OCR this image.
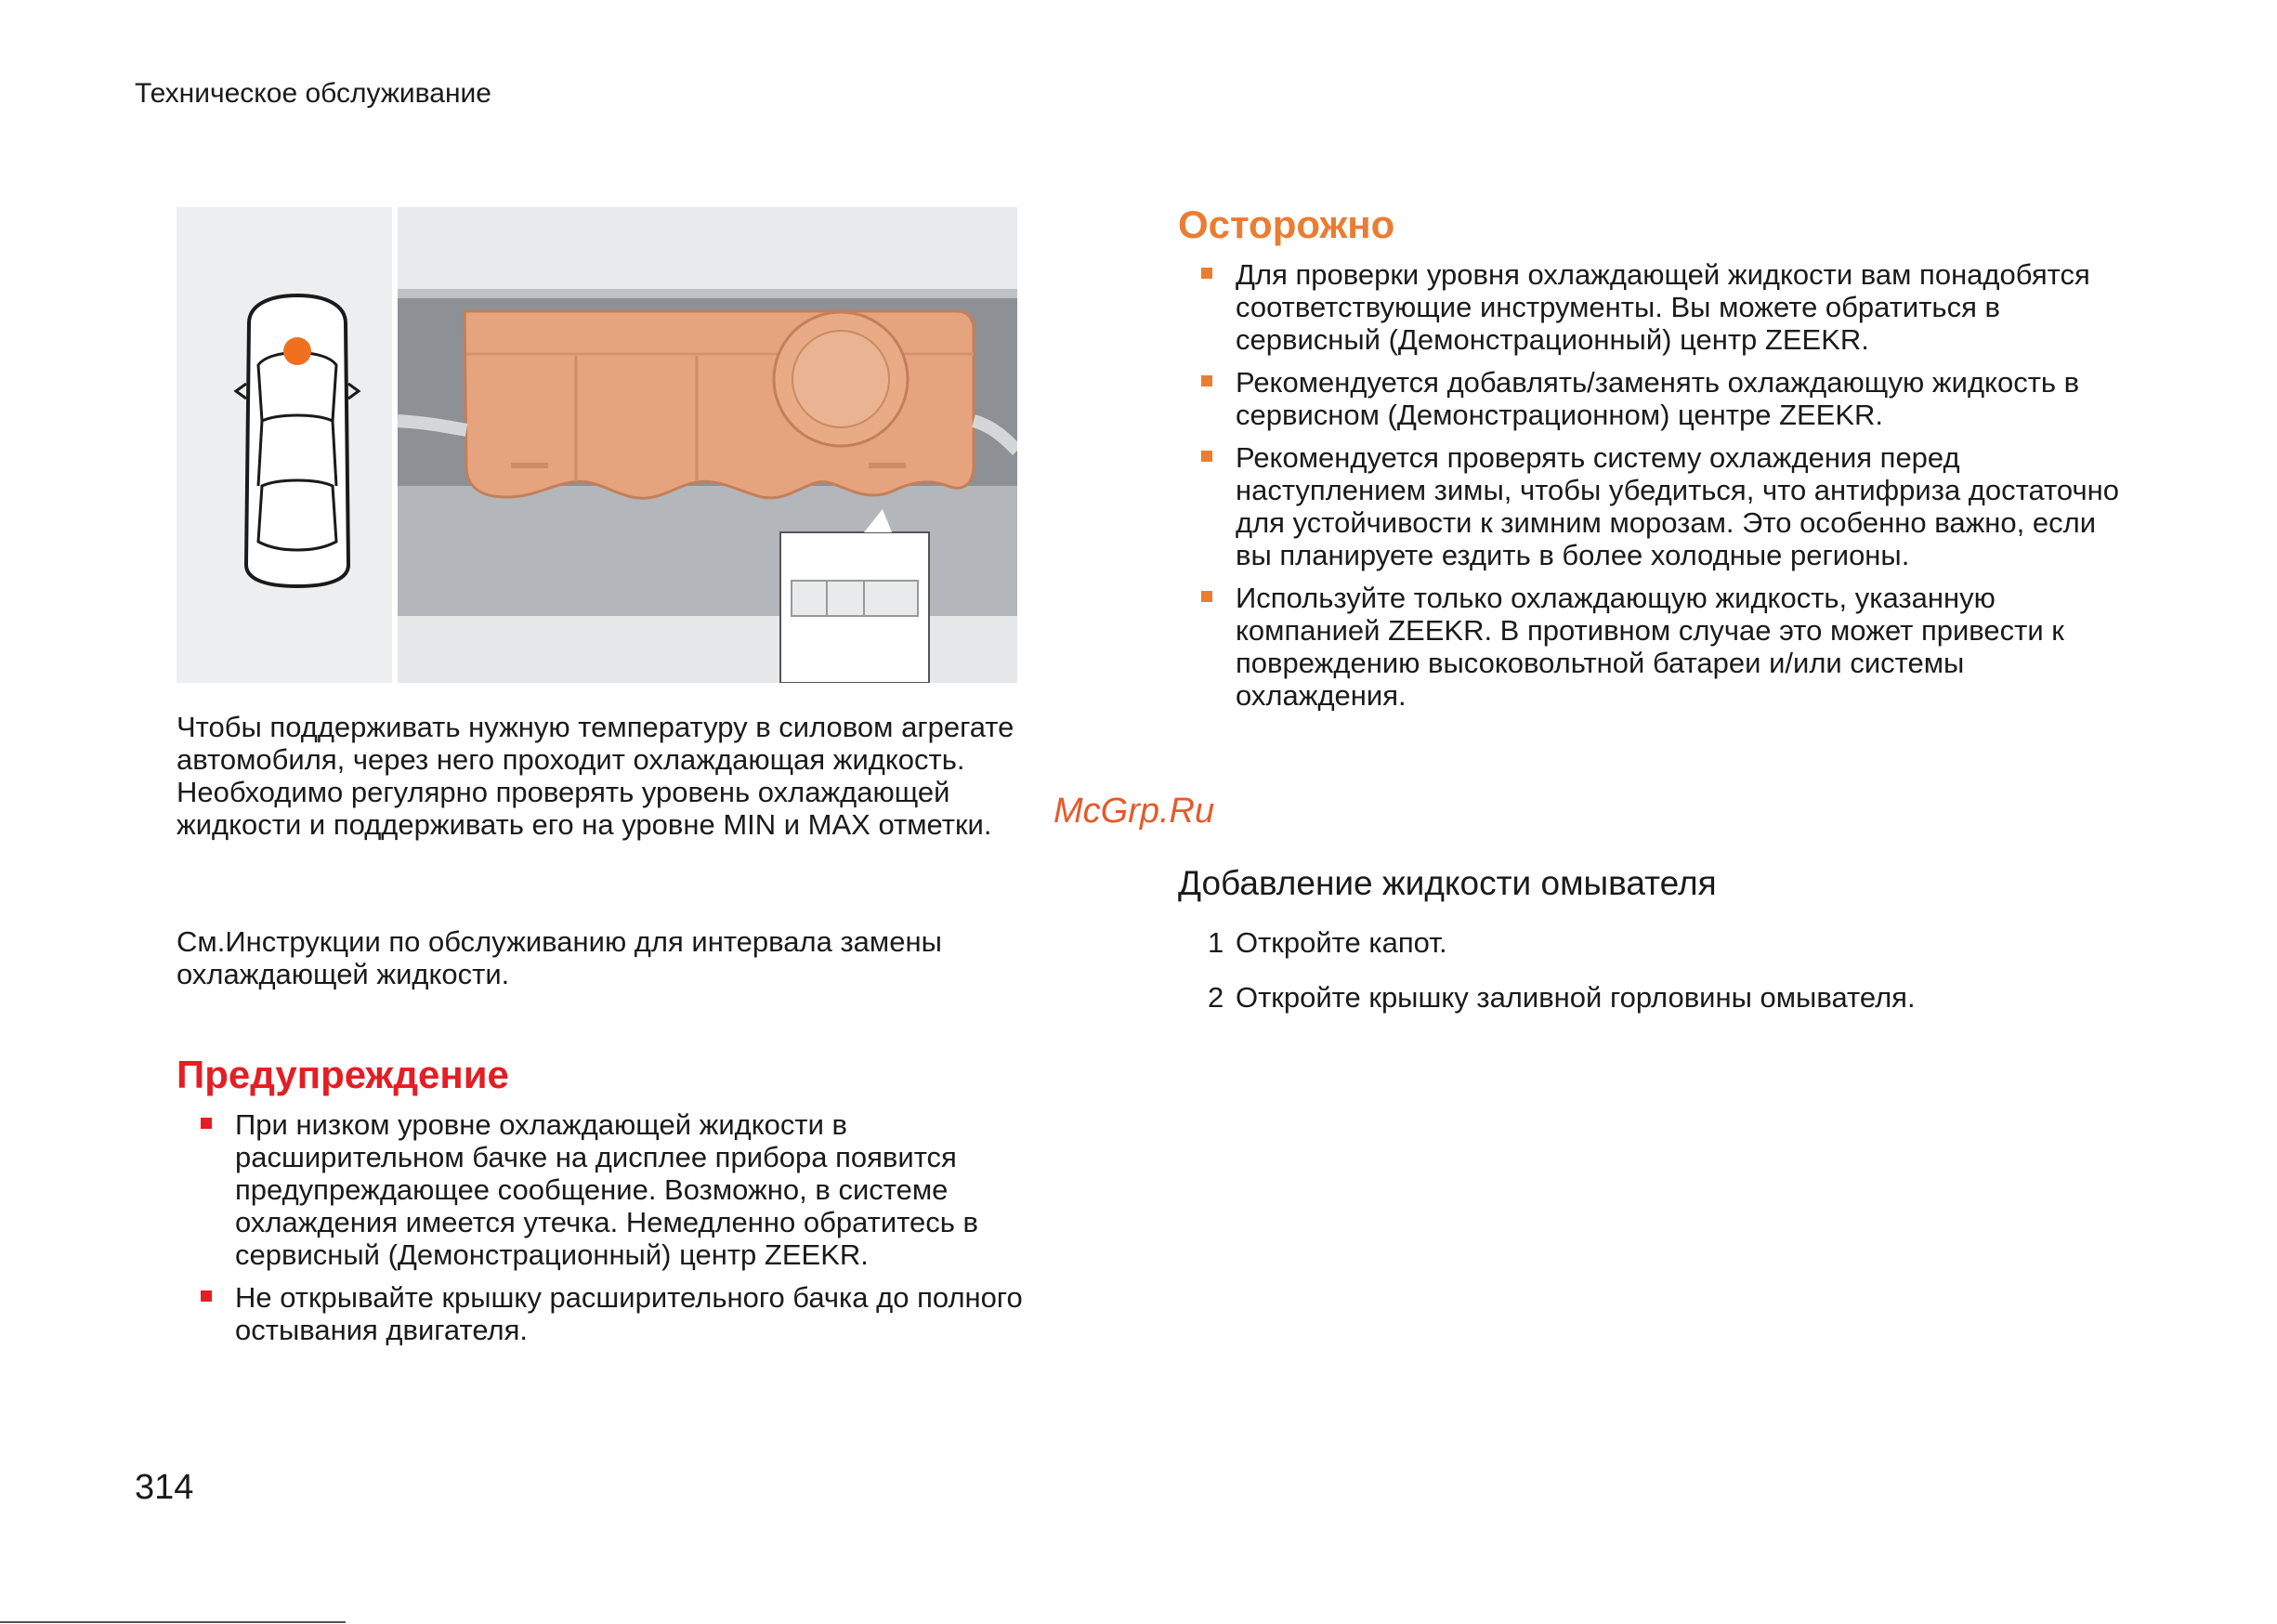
Техническое обслуживание
Чтобы поддерживать нужную температуру в силовом агрегате автомобиля, через него проходит охлаждающая жидкость. Необходимо регулярно проверять уровень охлаждающей жидкости и поддерживать его на уровне MIN и MAX отметки.
См.Инструкции по обслуживанию для интервала замены охлаждающей жидкости.
Предупреждение
При низком уровне охлаждающей жидкости в расширительном бачке на дисплее прибора появится предупреждающее сообщение. Возможно, в системе охлаждения имеется утечка. Немедленно обратитесь в сервисный (Демонстрационный) центр ZEEKR.
Не открывайте крышку расширительного бачка до полного остывания двигателя.
Осторожно
Для проверки уровня охлаждающей жидкости вам понадобятся соответствующие инструменты. Вы можете обратиться в сервисный (Демонстрационный) центр ZEEKR.
Рекомендуется добавлять/заменять охлаждающую жидкость в сервисном (Демонстрационном) центре ZEEKR.
Рекомендуется проверять систему охлаждения перед наступлением зимы, чтобы убедиться, что антифриза достаточно для устойчивости к зимним морозам. Это особенно важно, если вы планируете ездить в более холодные регионы.
Используйте только охлаждающую жидкость, указанную компанией ZEEKR. В противном случае это может привести к повреждению высоковольтной батареи и/или системы охлаждения.
Добавление жидкости омывателя
1 Откройте капот.
2 Откройте крышку заливной горловины омывателя.
McGrp.Ru
314
